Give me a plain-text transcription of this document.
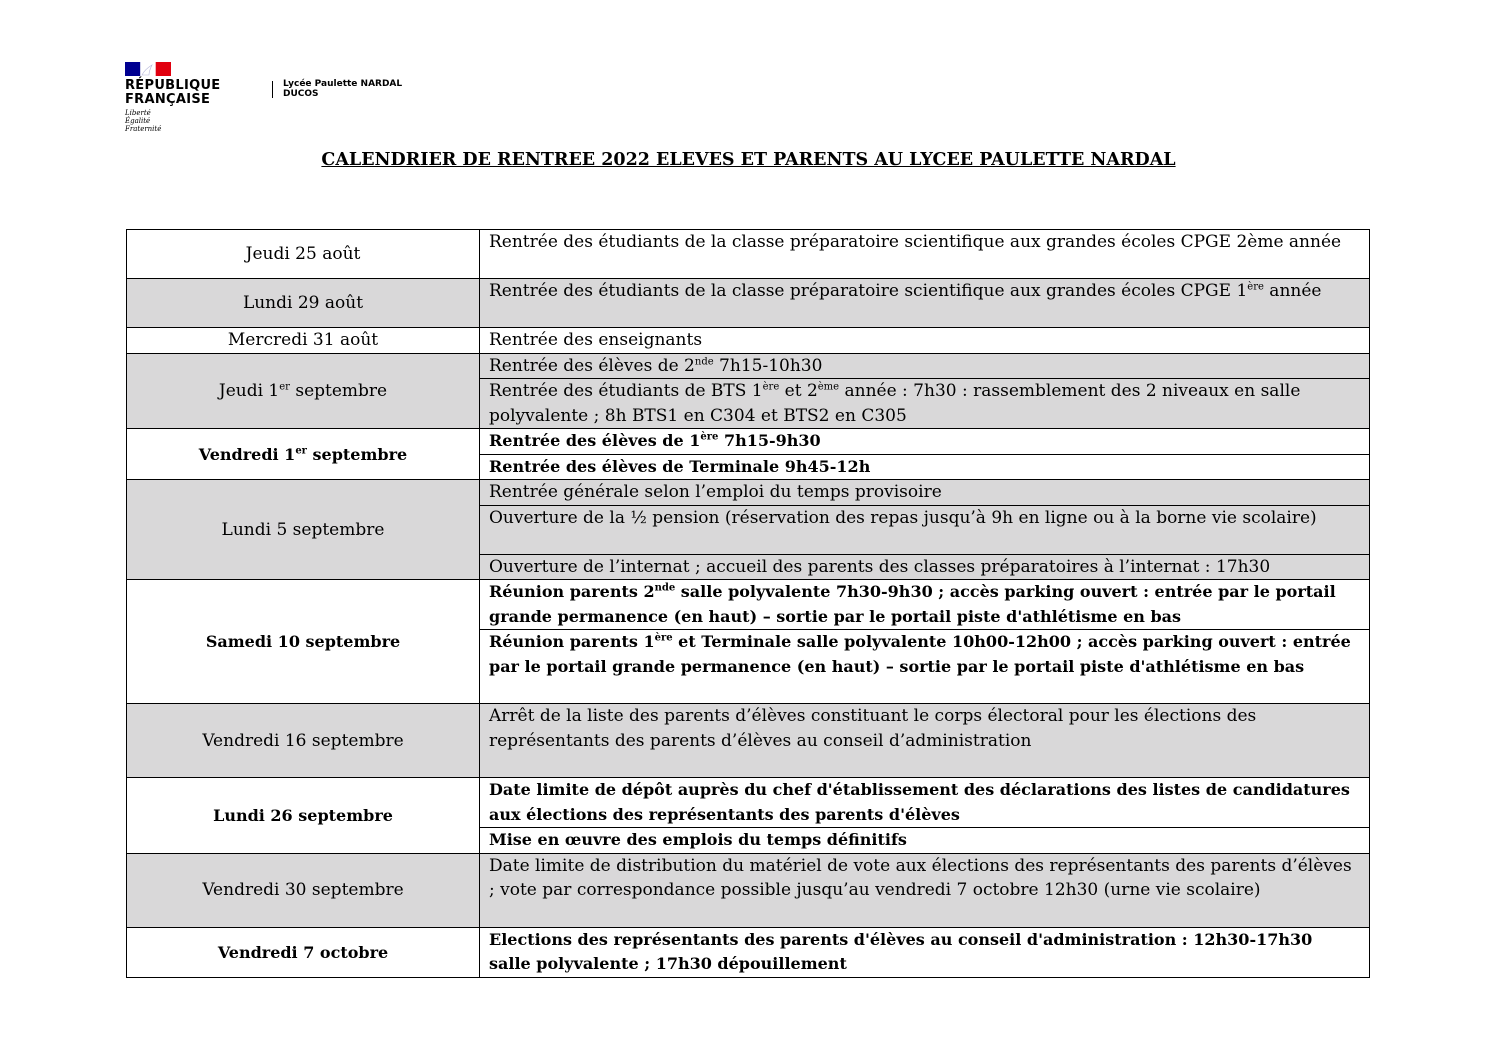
RÉPUBLIQUE
FRANÇAISE
Liberté
Égalité
Fraternité
Lycée Paulette NARDAL
DUCOS
CALENDRIER DE RENTREE 2022 ELEVES ET PARENTS AU LYCEE PAULETTE NARDAL
Jeudi 25 août	Rentrée des étudiants de la classe préparatoire scientifique aux grandes écoles CPGE 2ème année
Lundi 29 août	Rentrée des étudiants de la classe préparatoire scientifique aux grandes écoles CPGE 1ère année
Mercredi 31 août	Rentrée des enseignants
Jeudi 1er septembre	Rentrée des élèves de 2nde 7h15-10h30
	Rentrée des étudiants de BTS 1ère et 2ème année : 7h30 : rassemblement des 2 niveaux en salle polyvalente ; 8h BTS1 en C304 et BTS2 en C305
Vendredi 1er septembre	Rentrée des élèves de 1ère 7h15-9h30
	Rentrée des élèves de Terminale 9h45-12h
Lundi 5 septembre	Rentrée générale selon l’emploi du temps provisoire
	Ouverture de la ½ pension (réservation des repas jusqu’à 9h en ligne ou à la borne vie scolaire)
	Ouverture de l’internat ; accueil des parents des classes préparatoires à l’internat : 17h30
Samedi 10 septembre	Réunion parents 2nde salle polyvalente 7h30-9h30 ; accès parking ouvert : entrée par le portail grande permanence (en haut) – sortie par le portail piste d'athlétisme en bas
	Réunion parents 1ère et Terminale salle polyvalente 10h00-12h00 ; accès parking ouvert : entrée par le portail grande permanence (en haut) – sortie par le portail piste d'athlétisme en bas
Vendredi 16 septembre	Arrêt de la liste des parents d’élèves constituant le corps électoral pour les élections des représentants des parents d’élèves au conseil d’administration
Lundi 26 septembre	Date limite de dépôt auprès du chef d'établissement des déclarations des listes de candidatures aux élections des représentants des parents d'élèves
	Mise en œuvre des emplois du temps définitifs
Vendredi 30 septembre	Date limite de distribution du matériel de vote aux élections des représentants des parents d’élèves ; vote par correspondance possible jusqu’au vendredi 7 octobre 12h30 (urne vie scolaire)
Vendredi 7 octobre	Elections des représentants des parents d'élèves au conseil d'administration : 12h30-17h30 salle polyvalente ; 17h30 dépouillement
